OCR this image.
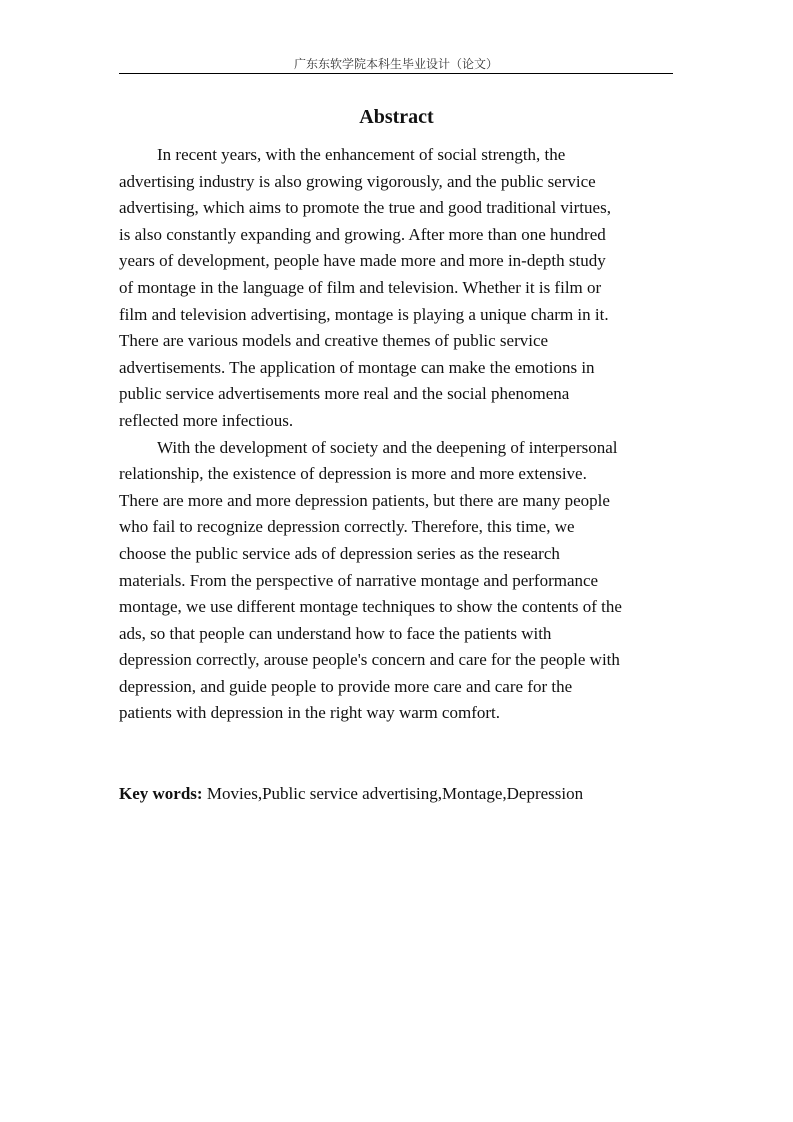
广东东软学院本科生毕业设计（论文）
Abstract
In recent years, with the enhancement of social strength, the
advertising industry is also growing vigorously, and the public service
advertising, which aims to promote the true and good traditional virtues,
is also constantly expanding and growing. After more than one hundred
years of development, people have made more and more in-depth study
of montage in the language of film and television. Whether it is film or
film and television advertising, montage is playing a unique charm in it.
There are various models and creative themes of public service
advertisements. The application of montage can make the emotions in
public service advertisements more real and the social phenomena
reflected more infectious.
With the development of society and the deepening of interpersonal
relationship, the existence of depression is more and more extensive.
There are more and more depression patients, but there are many people
who fail to recognize depression correctly. Therefore, this time, we
choose the public service ads of depression series as the research
materials. From the perspective of narrative montage and performance
montage, we use different montage techniques to show the contents of the
ads, so that people can understand how to face the patients with
depression correctly, arouse people's concern and care for the people with
depression, and guide people to provide more care and care for the
patients with depression in the right way warm comfort.
Key words: Movies,Public service advertising,Montage,Depression
